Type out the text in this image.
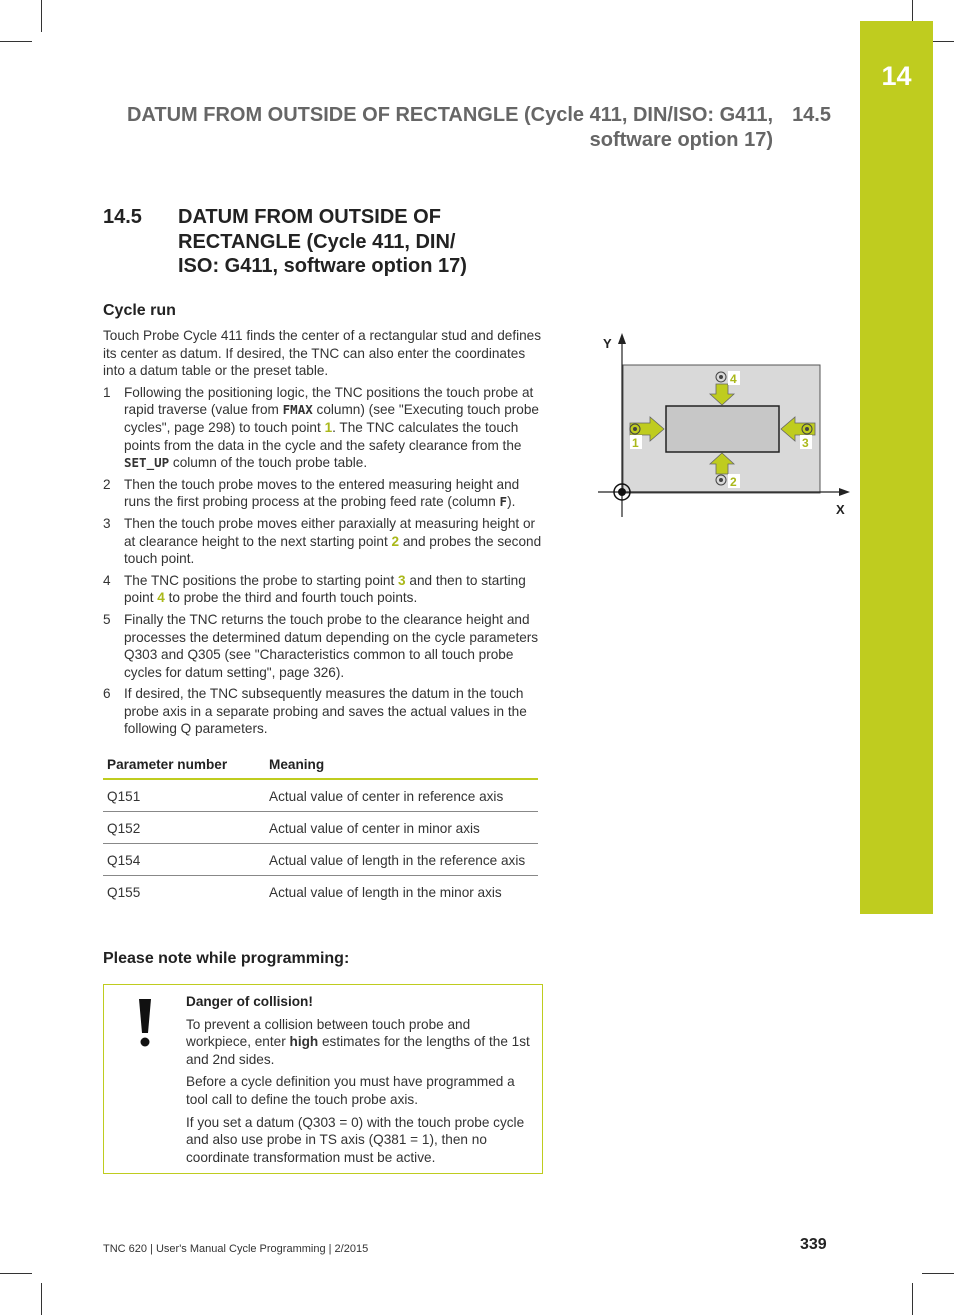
14
DATUM FROM OUTSIDE OF RECTANGLE (Cycle 411, DIN/ISO: G411, 14.5
software option 17)
14.5 DATUM FROM OUTSIDE OF
RECTANGLE (Cycle 411, DIN/
ISO: G411, software option 17)
Cycle run

Touch Probe Cycle 411 finds the center of a rectangular stud and defines its center as datum. If desired, the TNC can also enter the coordinates into a datum table or the preset table.

1 Following the positioning logic, the TNC positions the touch probe at rapid traverse (value from FMAX column) (see "Executing touch probe cycles", page 298) to touch point 1. The TNC calculates the touch points from the data in the cycle and the safety clearance from the SET_UP column of the touch probe table.
2 Then the touch probe moves to the entered measuring height and runs the first probing process at the probing feed rate (column F).
3 Then the touch probe moves either paraxially at measuring height or at clearance height to the next starting point 2 and probes the second touch point.
4 The TNC positions the probe to starting point 3 and then to starting point 4 to probe the third and fourth touch points.
5 Finally the TNC returns the touch probe to the clearance height and processes the determined datum depending on the cycle parameters Q303 and Q305 (see "Characteristics common to all touch probe cycles for datum setting", page 326).
6 If desired, the TNC subsequently measures the datum in the touch probe axis in a separate probing and saves the actual values in the following Q parameters.
Parameter number	Meaning
Q151	Actual value of center in reference axis
Q152	Actual value of center in minor axis
Q154	Actual value of length in the reference axis
Q155	Actual value of length in the minor axis
Please note while programming:

Danger of collision!

To prevent a collision between touch probe and workpiece, enter high estimates for the lengths of the 1st and 2nd sides.

Before a cycle definition you must have programmed a tool call to define the touch probe axis.

If you set a datum (Q303 = 0) with the touch probe cycle and also use probe in TS axis (Q381 = 1), then no coordinate transformation must be active.

Y
X
1
2
3
4
TNC 620 | User's Manual Cycle Programming | 2/2015	339
